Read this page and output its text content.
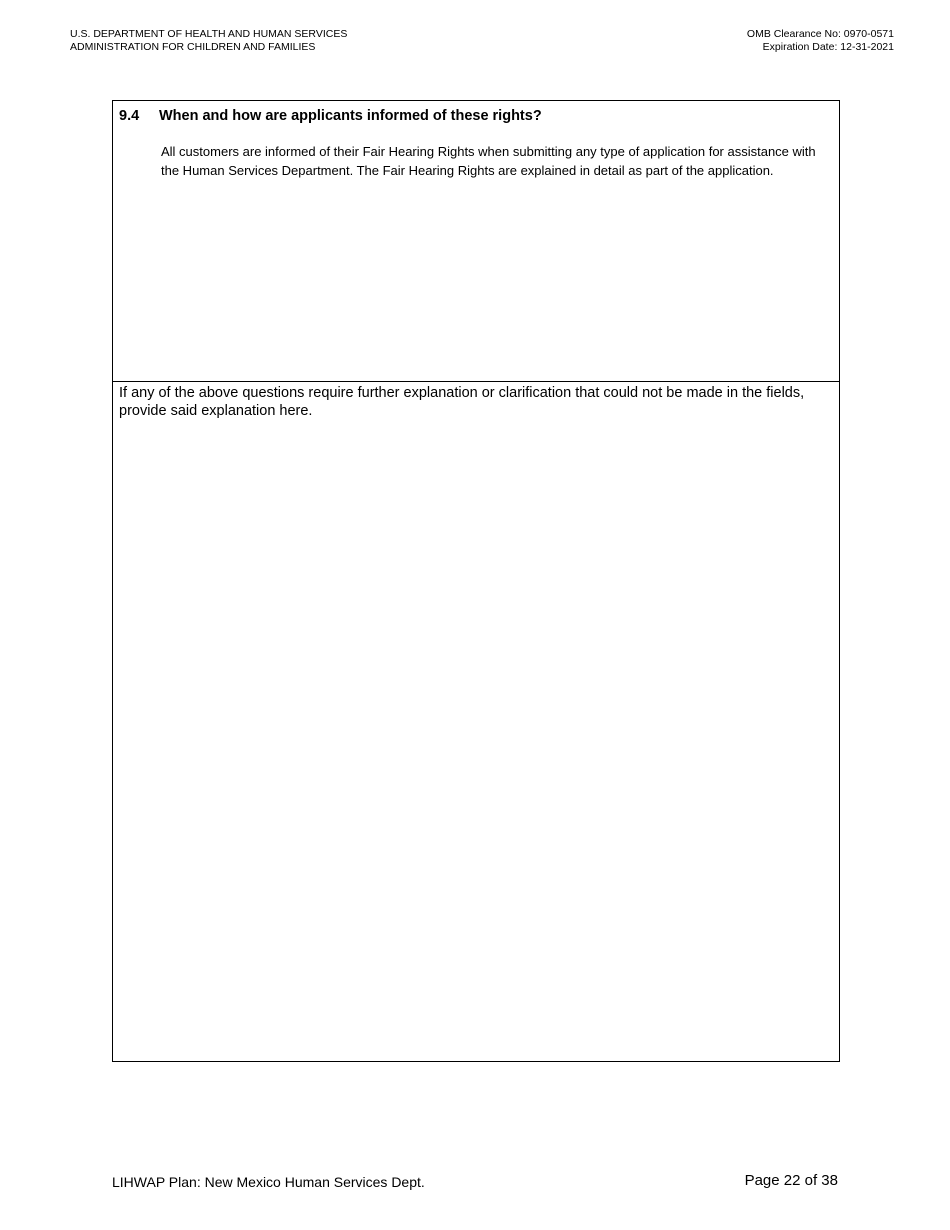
U.S. DEPARTMENT OF HEALTH AND HUMAN SERVICES
ADMINISTRATION FOR CHILDREN AND FAMILIES
OMB Clearance No: 0970-0571
Expiration Date: 12-31-2021
9.4 When and how are applicants informed of these rights?
All customers are informed of their Fair Hearing Rights when submitting any type of application for assistance with the Human Services Department. The Fair Hearing Rights are explained in detail as part of the application.
If any of the above questions require further explanation or clarification that could not be made in the fields, provide said explanation here.
LIHWAP Plan: New Mexico Human Services Dept.	Page 22 of 38
